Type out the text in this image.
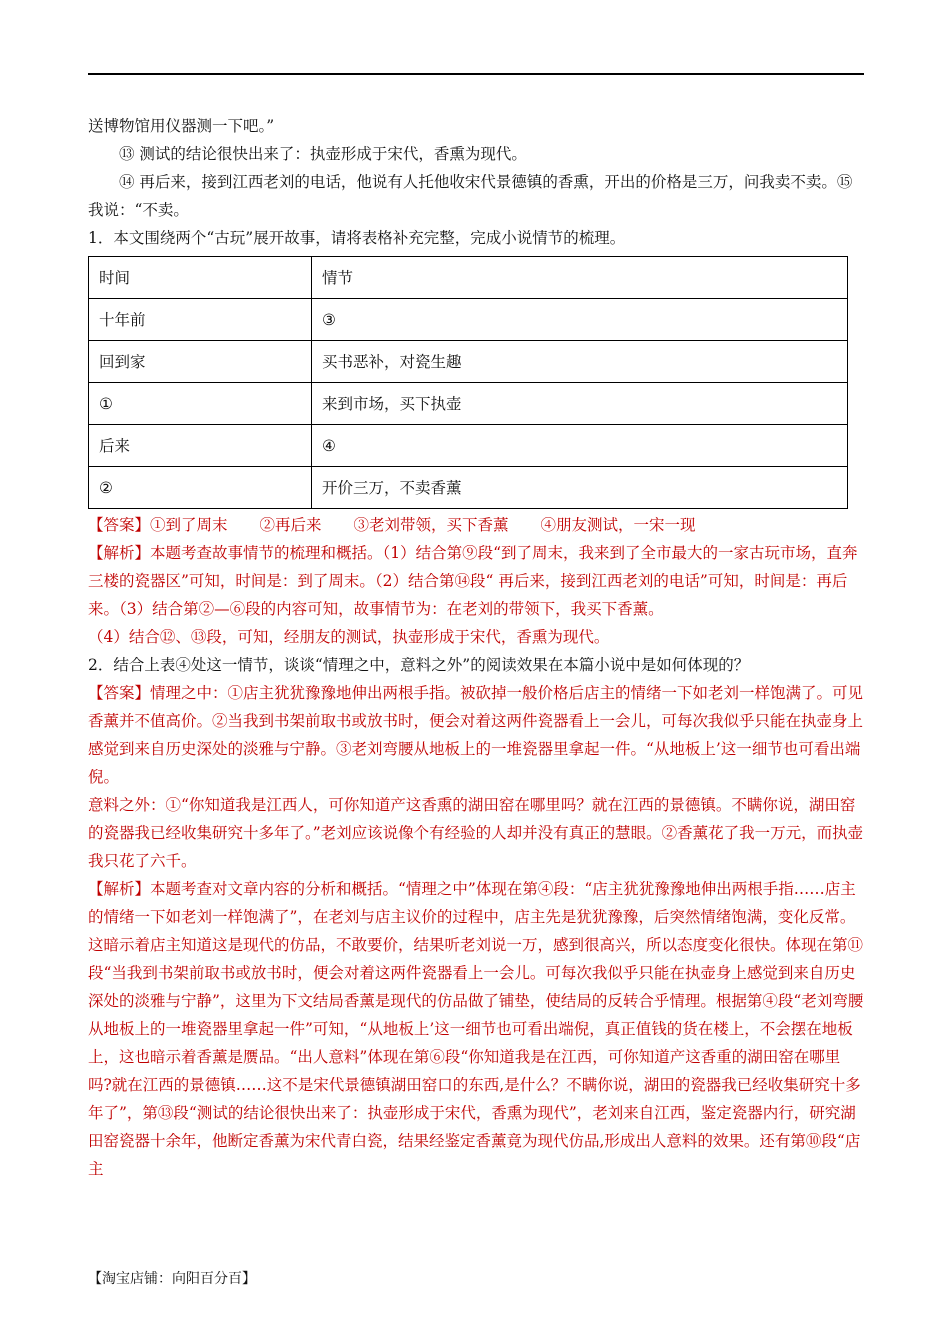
送博物馆用仪器测一下吧。”

⑬ 测试的结论很快出来了：执壶形成于宋代，香熏为现代。

⑭ 再后来，接到江西老刘的电话，他说有人托他收宋代景德镇的香熏，开出的价格是三万，问我卖不卖。⑮我说：“不卖。

1．本文围绕两个“古玩”展开故事，请将表格补充完整，完成小说情节的梳理。

时间	情节
十年前	③
回到家	买书恶补，对瓷生趣
①	来到市场，买下执壶
后来	④
②	开价三万，不卖香薰

【答案】①到了周末 ②再后来 ③老刘带领，买下香薰 ④朋友测试，一宋一现

【解析】本题考查故事情节的梳理和概括。（1）结合第⑨段“到了周末，我来到了全市最大的一家古玩市场，直奔三楼的瓷器区”可知，时间是：到了周末。（2）结合第⑭段“ 再后来，接到江西老刘的电话”可知，时间是：再后来。（3）结合第②—⑥段的内容可知，故事情节为：在老刘的带领下，我买下香薰。

（4）结合⑫、⑬段，可知，经朋友的测试，执壶形成于宋代，香熏为现代。

2．结合上表④处这一情节，谈谈“情理之中，意料之外”的阅读效果在本篇小说中是如何体现的？

【答案】情理之中：①店主犹犹豫豫地伸出两根手指。被砍掉一般价格后店主的情绪一下如老刘一样饱满了。可见香薰并不值高价。②当我到书架前取书或放书时，便会对着这两件瓷器看上一会儿，可每次我似乎只能在执壶身上感觉到来自历史深处的淡雅与宁静。③老刘弯腰从地板上的一堆瓷器里拿起一件。“从地板上’这一细节也可看出端倪。

意料之外：①“你知道我是江西人，可你知道产这香熏的湖田窑在哪里吗？就在江西的景德镇。不瞒你说，湖田窑的瓷器我已经收集研究十多年了。”老刘应该说像个有经验的人却并没有真正的慧眼。②香薰花了我一万元，而执壶我只花了六千。

【解析】本题考查对文章内容的分析和概括。“情理之中”体现在第④段：“店主犹犹豫豫地伸出两根手指……店主的情绪一下如老刘一样饱满了”，在老刘与店主议价的过程中，店主先是犹犹豫豫，后突然情绪饱满，变化反常。这暗示着店主知道这是现代的仿品，不敢要价，结果听老刘说一万，感到很高兴，所以态度变化很快。体现在第⑪段“当我到书架前取书或放书时，便会对着这两件瓷器看上一会儿。可每次我似乎只能在执壶身上感觉到来自历史深处的淡雅与宁静”，这里为下文结局香薰是现代的仿品做了铺垫，使结局的反转合乎情理。根据第④段“老刘弯腰从地板上的一堆瓷器里拿起一件”可知，“从地板上’这一细节也可看出端倪，真正值钱的货在楼上，不会摆在地板上，这也暗示着香薰是赝品。“出人意料”体现在第⑥段“你知道我是在江西，可你知道产这香重的湖田窑在哪里吗?就在江西的景德镇……这不是宋代景德镇湖田窑口的东西,是什么？不瞒你说，湖田的瓷器我已经收集研究十多年了”，第⑬段“测试的结论很快出来了：执壶形成于宋代，香熏为现代”，老刘来自江西，鉴定瓷器内行，研究湖田窑瓷器十余年，他断定香薰为宋代青白瓷，结果经鉴定香薰竟为现代仿品,形成出人意料的效果。还有第⑩段“店主

【淘宝店铺：向阳百分百】
